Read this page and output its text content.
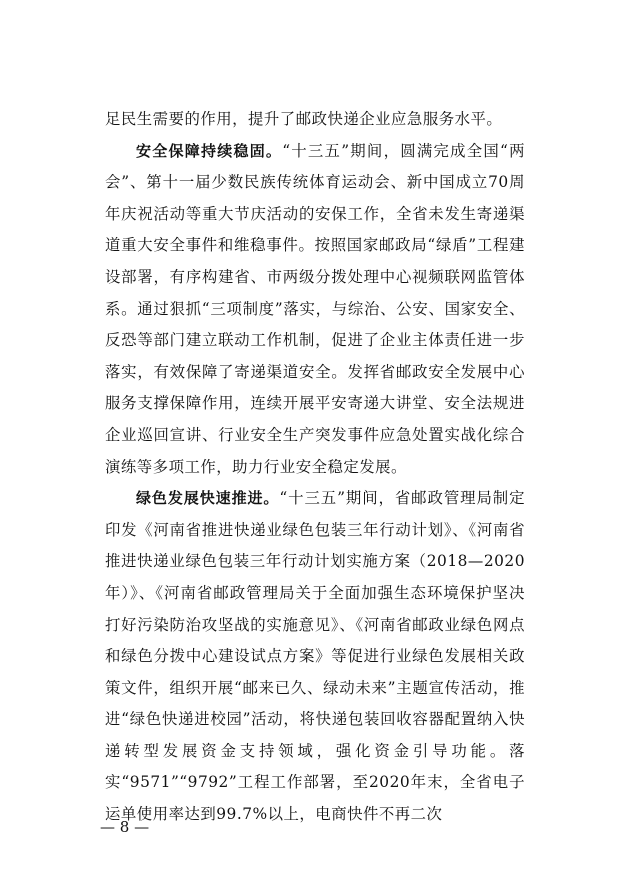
足民生需要的作用，提升了邮政快递企业应急服务水平。

安全保障持续稳固。“十三五”期间，圆满完成全国“两会”、第十一届少数民族传统体育运动会、新中国成立70周年庆祝活动等重大节庆活动的安保工作，全省未发生寄递渠道重大安全事件和维稳事件。按照国家邮政局“绿盾”工程建设部署，有序构建省、市两级分拨处理中心视频联网监管体系。通过狠抓“三项制度”落实，与综治、公安、国家安全、反恐等部门建立联动工作机制，促进了企业主体责任进一步落实，有效保障了寄递渠道安全。发挥省邮政安全发展中心服务支撑保障作用，连续开展平安寄递大讲堂、安全法规进企业巡回宣讲、行业安全生产突发事件应急处置实战化综合演练等多项工作，助力行业安全稳定发展。

绿色发展快速推进。“十三五”期间，省邮政管理局制定印发《河南省推进快递业绿色包装三年行动计划》、《河南省推进快递业绿色包装三年行动计划实施方案（2018—2020年）》、《河南省邮政管理局关于全面加强生态环境保护坚决打好污染防治攻坚战的实施意见》、《河南省邮政业绿色网点和绿色分拨中心建设试点方案》等促进行业绿色发展相关政策文件，组织开展“邮来已久、绿动未来”主题宣传活动，推进“绿色快递进校园”活动，将快递包装回收容器配置纳入快递转型发展资金支持领域，强化资金引导功能。落实“9571”“9792”工程工作部署，至2020年末，全省电子运单使用率达到99.7%以上，电商快件不再二次

— 8 —
